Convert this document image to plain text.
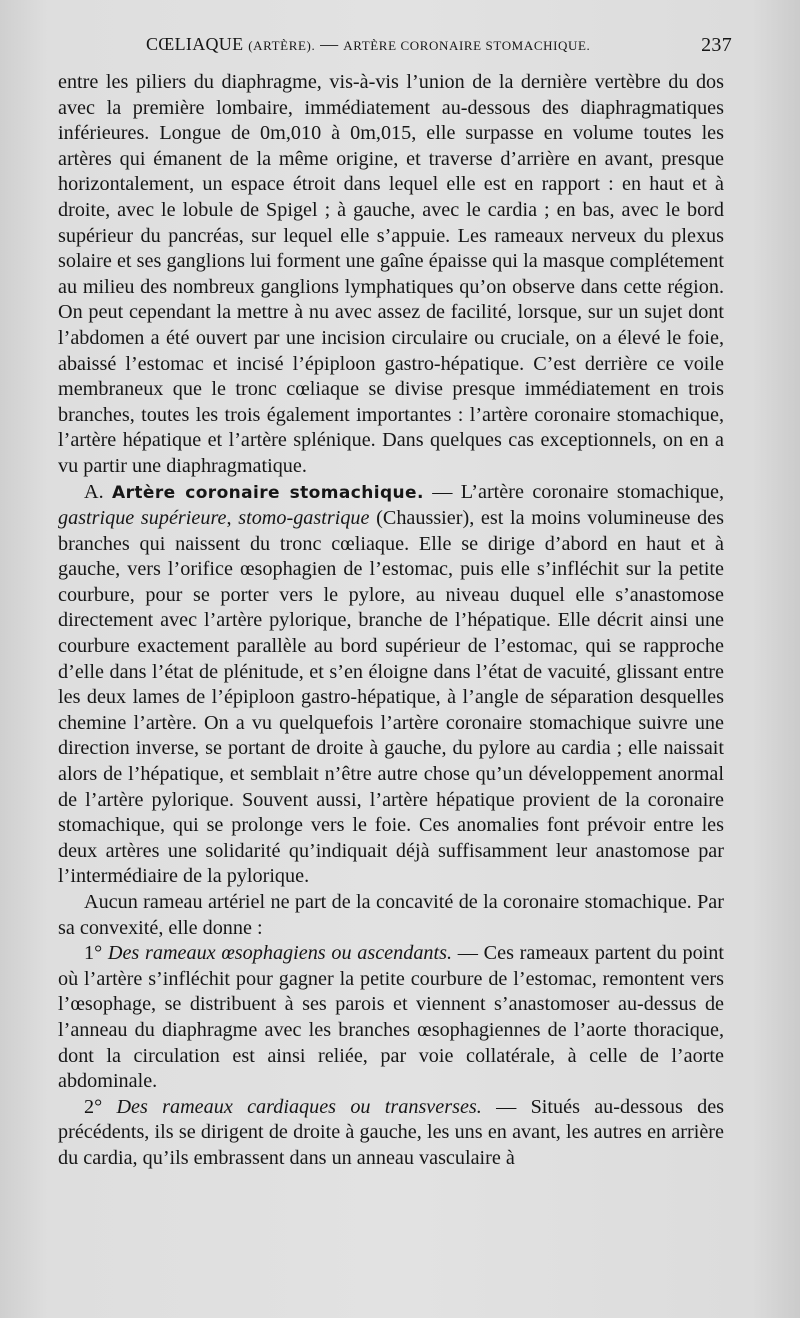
CŒLIAQUE (ARTÈRE). — ARTÈRE CORONAIRE STOMACHIQUE.	237

entre les piliers du diaphragme, vis-à-vis l’union de la dernière vertèbre du dos avec la première lombaire, immédiatement au-dessous des diaphragmatiques inférieures. Longue de 0m,010 à 0m,015, elle surpasse en volume toutes les artères qui émanent de la même origine, et traverse d’arrière en avant, presque horizontalement, un espace étroit dans lequel elle est en rapport : en haut et à droite, avec le lobule de Spigel ; à gauche, avec le cardia ; en bas, avec le bord supérieur du pancréas, sur lequel elle s’appuie. Les rameaux nerveux du plexus solaire et ses ganglions lui forment une gaîne épaisse qui la masque complétement au milieu des nombreux ganglions lymphatiques qu’on observe dans cette région. On peut cependant la mettre à nu avec assez de facilité, lorsque, sur un sujet dont l’abdomen a été ouvert par une incision circulaire ou cruciale, on a élevé le foie, abaissé l’estomac et incisé l’épiploon gastro-hépatique. C’est derrière ce voile membraneux que le tronc cœliaque se divise presque immédiatement en trois branches, toutes les trois également importantes : l’artère coronaire stomachique, l’artère hépatique et l’artère splénique. Dans quelques cas exceptionnels, on en a vu partir une diaphragmatique.

A. Artère coronaire stomachique. — L’artère coronaire stomachique, gastrique supérieure, stomo-gastrique (Chaussier), est la moins volumineuse des branches qui naissent du tronc cœliaque. Elle se dirige d’abord en haut et à gauche, vers l’orifice œsophagien de l’estomac, puis elle s’infléchit sur la petite courbure, pour se porter vers le pylore, au niveau duquel elle s’anastomose directement avec l’artère pylorique, branche de l’hépatique. Elle décrit ainsi une courbure exactement parallèle au bord supérieur de l’estomac, qui se rapproche d’elle dans l’état de plénitude, et s’en éloigne dans l’état de vacuité, glissant entre les deux lames de l’épiploon gastro-hépatique, à l’angle de séparation desquelles chemine l’artère. On a vu quelquefois l’artère coronaire stomachique suivre une direction inverse, se portant de droite à gauche, du pylore au cardia ; elle naissait alors de l’hépatique, et semblait n’être autre chose qu’un développement anormal de l’artère pylorique. Souvent aussi, l’artère hépatique provient de la coronaire stomachique, qui se prolonge vers le foie. Ces anomalies font prévoir entre les deux artères une solidarité qu’indiquait déjà suffisamment leur anastomose par l’intermédiaire de la pylorique.

Aucun rameau artériel ne part de la concavité de la coronaire stomachique. Par sa convexité, elle donne :

1° Des rameaux œsophagiens ou ascendants. — Ces rameaux partent du point où l’artère s’infléchit pour gagner la petite courbure de l’estomac, remontent vers l’œsophage, se distribuent à ses parois et viennent s’anastomoser au-dessus de l’anneau du diaphragme avec les branches œsophagiennes de l’aorte thoracique, dont la circulation est ainsi reliée, par voie collatérale, à celle de l’aorte abdominale.

2° Des rameaux cardiaques ou transverses. — Situés au-dessous des précédents, ils se dirigent de droite à gauche, les uns en avant, les autres en arrière du cardia, qu’ils embrassent dans un anneau vasculaire à
